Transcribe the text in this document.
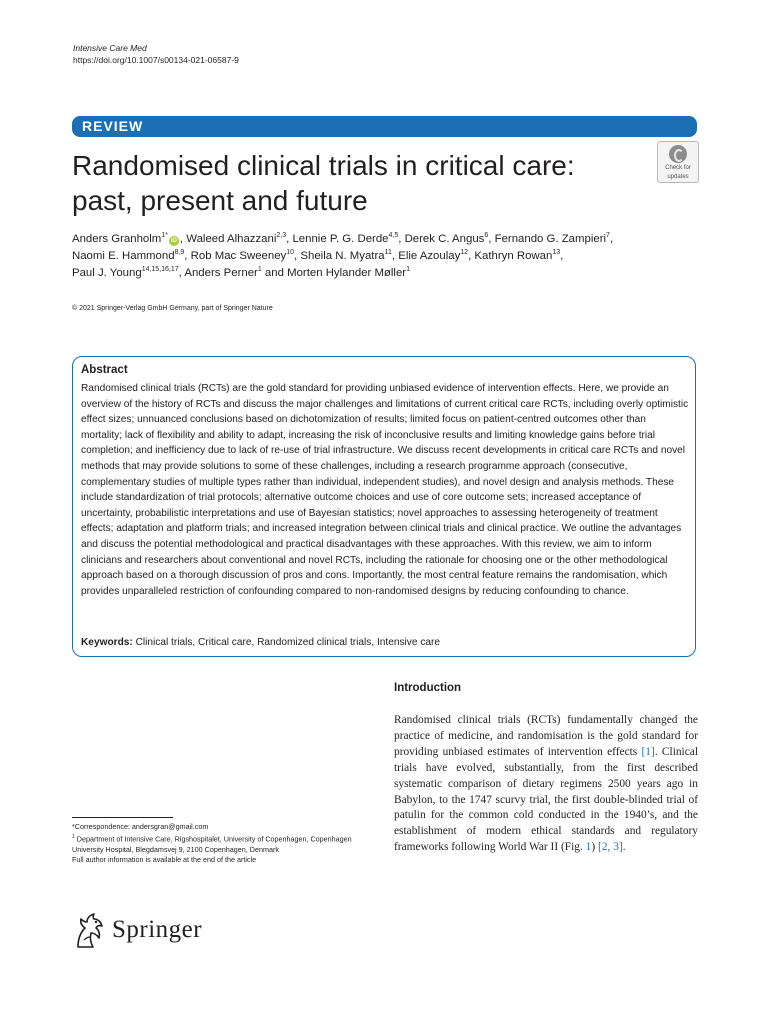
Intensive Care Med
https://doi.org/10.1007/s00134-021-06587-9
REVIEW
Randomised clinical trials in critical care:
past, present and future
Check for
updates
Anders Granholm$^{1*}$iD , Waleed Alhazzani$^{2,3}$, Lennie P. G. Derde$^{4,5}$, Derek C. Angus$^6$, Fernando G. Zampieri$^7$,
Naomi E. Hammond$^{8,9}$, Rob Mac Sweeney$^{10}$, Sheila N. Myatra$^{11}$, Elie Azoulay$^{12}$, Kathryn Rowan$^{13}$,
Paul J. Young$^{14,15,16,17}$, Anders Perner$^1$ and Morten Hylander Møller$^1$
© 2021 Springer-Verlag GmbH Germany, part of Springer Nature
Abstract
Randomised clinical trials (RCTs) are the gold standard for providing unbiased evidence of intervention effects. Here, we provide an overview of the history of RCTs and discuss the major challenges and limitations of current critical care RCTs, including overly optimistic effect sizes; unnuanced conclusions based on dichotomization of results; limited focus on patient-centred outcomes other than mortality; lack of flexibility and ability to adapt, increasing the risk of inconclusive results and limiting knowledge gains before trial completion; and inefficiency due to lack of re-use of trial infrastructure. We discuss recent developments in critical care RCTs and novel methods that may provide solutions to some of these challenges, including a research programme approach (consecutive, complementary studies of multiple types rather than individual, independent studies), and novel design and analysis methods. These include standardization of trial protocols; alternative outcome choices and use of core outcome sets; increased acceptance of uncertainty, probabilistic interpretations and use of Bayesian statistics; novel approaches to assessing heterogeneity of treatment effects; adaptation and platform trials; and increased integration between clinical trials and clinical practice. We outline the advantages and discuss the potential methodological and practical disadvantages with these approaches. With this review, we aim to inform clinicians and researchers about conventional and novel RCTs, including the rationale for choosing one or the other methodological approach based on a thorough discussion of pros and cons. Importantly, the most central feature remains the randomisation, which provides unparalleled restriction of confounding compared to non-randomised designs by reducing confounding to chance.
Keywords: Clinical trials, Critical care, Randomized clinical trials, Intensive care
Introduction
Randomised clinical trials (RCTs) fundamentally changed the practice of medicine, and randomisation is the gold standard for providing unbiased estimates of intervention effects [1]. Clinical trials have evolved, substantially, from the first described systematic comparison of dietary regimens 2500 years ago in Babylon, to the 1747 scurvy trial, the first double-blinded trial of patulin for the common cold conducted in the 1940’s, and the establishment of modern ethical standards and regulatory frameworks following World War II (Fig. 1) [2, 3].
*Correspondence: andersgran@gmail.com
$^1$ Department of Intensive Care, Rigshospitalet, University of Copenhagen, Copenhagen University Hospital, Blegdamsvej 9, 2100 Copenhagen, Denmark
Full author information is available at the end of the article
Springer
